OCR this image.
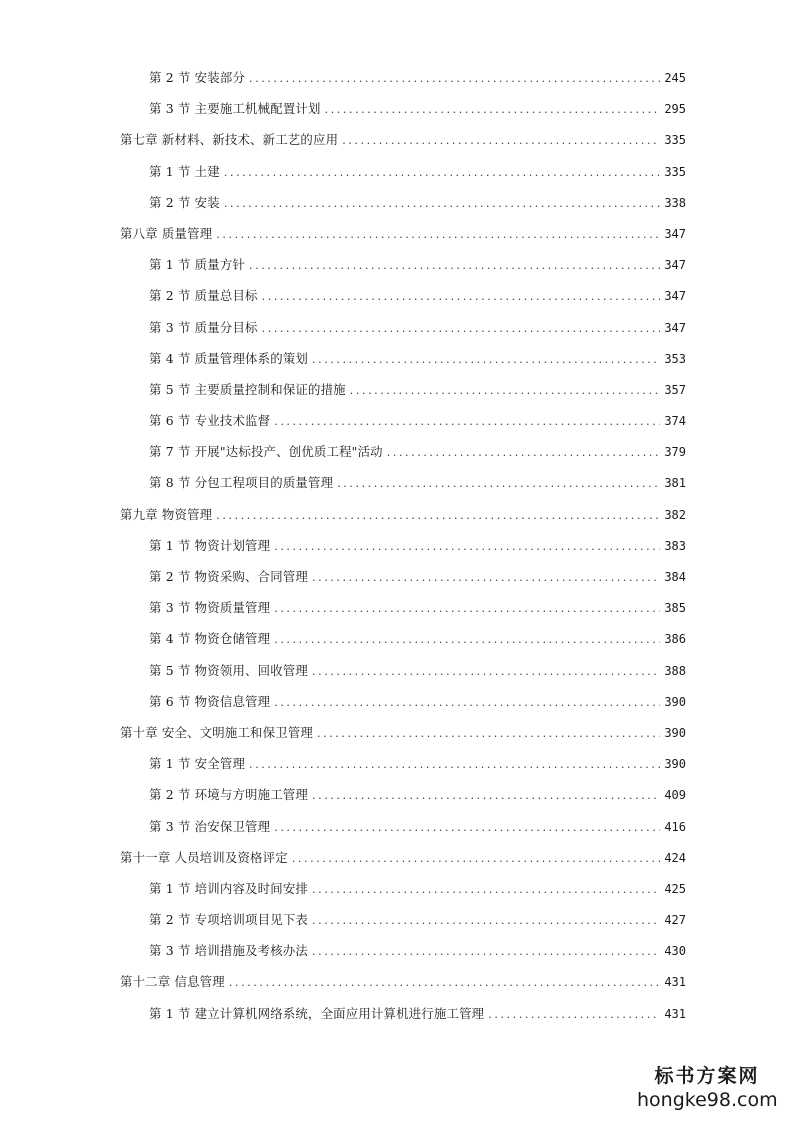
第 2 节 安装部分 .....	245
第 3 节 主要施工机械配置计划 .....	295
第七章 新材料、新技术、新工艺的应用 .....	335
第 1 节 土建 .....	335
第 2 节 安装 .....	338
第八章 质量管理 .....	347
第 1 节 质量方针 .....	347
第 2 节 质量总目标 .....	347
第 3 节 质量分目标 .....	347
第 4 节 质量管理体系的策划 .....	353
第 5 节 主要质量控制和保证的措施 .....	357
第 6 节 专业技术监督 .....	374
第 7 节 开展"达标投产、创优质工程"活动 .....	379
第 8 节 分包工程项目的质量管理 .....	381
第九章 物资管理 .....	382
第 1 节 物资计划管理 .....	383
第 2 节 物资采购、合同管理 .....	384
第 3 节 物资质量管理 .....	385
第 4 节 物资仓储管理 .....	386
第 5 节 物资领用、回收管理 .....	388
第 6 节 物资信息管理 .....	390
第十章 安全、文明施工和保卫管理 .....	390
第 1 节 安全管理 .....	390
第 2 节 环境与方明施工管理 .....	409
第 3 节 治安保卫管理 .....	416
第十一章 人员培训及资格评定 .....	424
第 1 节 培训内容及时间安排 .....	425
第 2 节 专项培训项目见下表 .....	427
第 3 节 培训措施及考核办法 .....	430
第十二章 信息管理 .....	431
第 1 节 建立计算机网络系统，全面应用计算机进行施工管理 .....	431
标书方案网
hongke98.com
